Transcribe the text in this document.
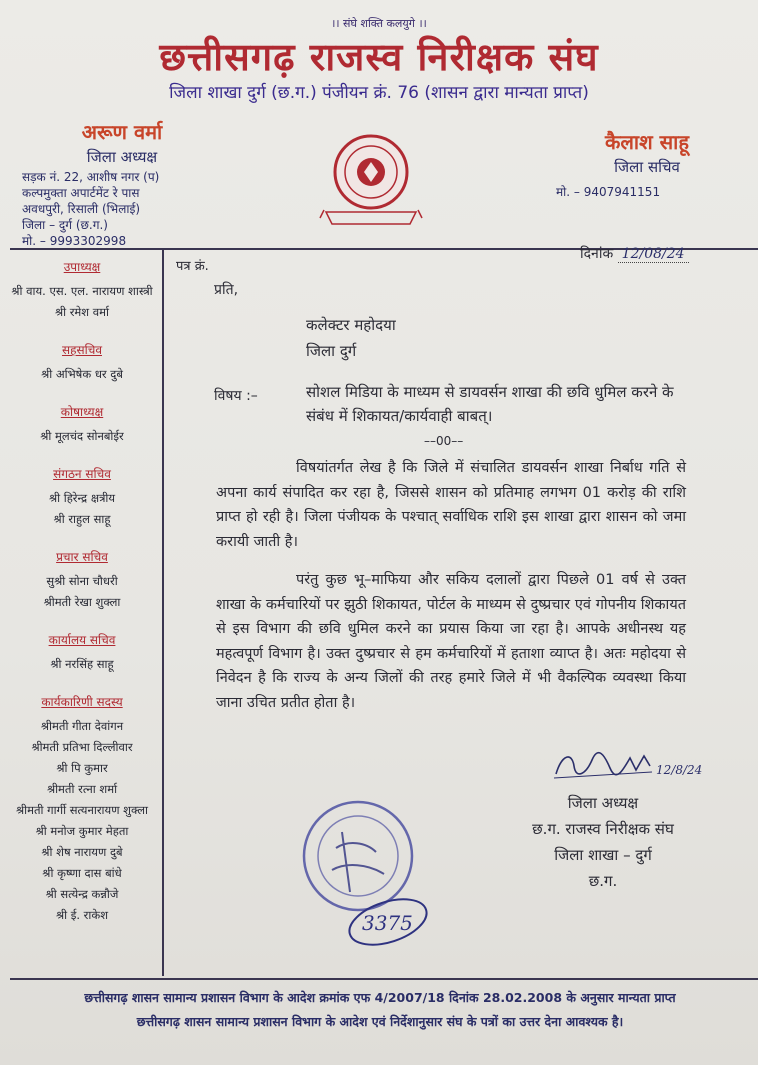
।। संघे शक्ति कलयुगे ।।
छत्तीसगढ़ राजस्व निरीक्षक संघ
जिला शाखा दुर्ग (छ.ग.) पंजीयन क्रं. 76 (शासन द्वारा मान्यता प्राप्त)
अरूण वर्मा
जिला अध्यक्ष
सड़क नं. 22, आशीष नगर (प)
कल्पमुक्ता अपार्टमेंट रे पास
अवधपुरी, रिसाली (भिलाई)
जिला – दुर्ग (छ.ग.)
मो. – 9993302998
कैलाश साहू
जिला सचिव
मो. – 9407941151
उपाध्यक्ष
श्री वाय. एस. एल. नारायण शास्त्री
श्री रमेश वर्मा
सहसचिव
श्री अभिषेक धर दुबे
कोषाध्यक्ष
श्री मूलचंद सोनबोईर
संगठन सचिव
श्री हिरेन्द्र क्षत्रीय
श्री राहुल साहू
प्रचार सचिव
सुश्री सोना चौधरी
श्रीमती रेखा शुक्ला
कार्यालय सचिव
श्री नरसिंह साहू
कार्यकारिणी सदस्य
श्रीमती गीता देवांगन
श्रीमती प्रतिभा दिल्लीवार
श्री पि कुमार
श्रीमती रत्ना शर्मा
श्रीमती गार्गी सत्यनारायण शुक्ला
श्री मनोज कुमार मेहता
श्री शेष नारायण दुबे
श्री कृष्णा दास बांधे
श्री सत्येन्द्र कन्नौजे
श्री ई. राकेश
पत्र क्रं.
दिनांक 12/08/24
प्रति,
कलेक्टर महोदया
जिला दुर्ग
विषय :–	सोशल मिडिया के माध्यम से डायवर्सन शाखा की छवि धुमिल करने के संबंध में शिकायत/कार्यवाही बाबत्।
––00––
विषयांतर्गत लेख है कि जिले में संचालित डायवर्सन शाखा निर्बाध गति से अपना कार्य संपादित कर रहा है, जिससे शासन को प्रतिमाह लगभग 01 करोड़ की राशि प्राप्त हो रही है। जिला पंजीयक के पश्चात् सर्वाधिक राशि इस शाखा द्वारा शासन को जमा करायी जाती है।
परंतु कुछ भू–माफिया और सकिय दलालों द्वारा पिछले 01 वर्ष से उक्त शाखा के कर्मचारियों पर झुठी शिकायत, पोर्टल के माध्यम से दुष्प्रचार एवं गोपनीय शिकायत से इस विभाग की छवि धुमिल करने का प्रयास किया जा रहा है। आपके अधीनस्थ यह महत्वपूर्ण विभाग है। उक्त दुष्प्रचार से हम कर्मचारियों में हताशा व्याप्त है। अतः महोदया से निवेदन है कि राज्य के अन्य जिलों की तरह हमारे जिले में भी वैकल्पिक व्यवस्था किया जाना उचित प्रतीत होता है।
12/8/24
जिला अध्यक्ष
छ.ग. राजस्व निरीक्षक संघ
जिला शाखा – दुर्ग
छ.ग.
3375
छत्तीसगढ़ शासन सामान्य प्रशासन विभाग के आदेश क्रमांक एफ 4/2007/18 दिनांक 28.02.2008 के अनुसार मान्यता प्राप्त
छत्तीसगढ़ शासन सामान्य प्रशासन विभाग के आदेश एवं निर्देशानुसार संघ के पत्रों का उत्तर देना आवश्यक है।
